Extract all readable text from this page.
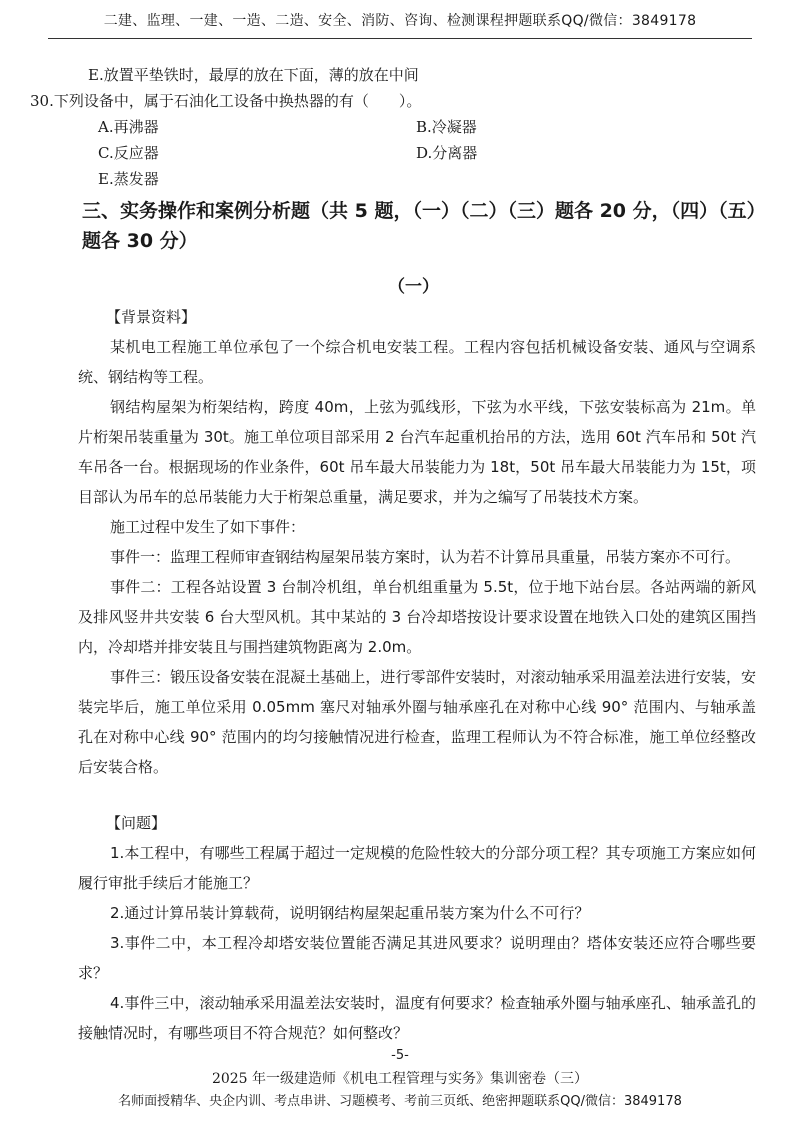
二建、监理、一建、一造、二造、安全、消防、咨询、检测课程押题联系QQ/微信：3849178
E.放置平垫铁时，最厚的放在下面，薄的放在中间
30.下列设备中，属于石油化工设备中换热器的有（　　）。
A.再沸器	B.冷凝器
C.反应器	D.分离器
E.蒸发器
三、实务操作和案例分析题（共 5 题，（一）（二）（三）题各 20 分，（四）（五）题各 30 分）
（一）

【背景资料】

某机电工程施工单位承包了一个综合机电安装工程。工程内容包括机械设备安装、通风与空调系统、钢结构等工程。

钢结构屋架为桁架结构，跨度 40m，上弦为弧线形，下弦为水平线，下弦安装标高为 21m。单片桁架吊装重量为 30t。施工单位项目部采用 2 台汽车起重机抬吊的方法，选用 60t 汽车吊和 50t 汽车吊各一台。根据现场的作业条件，60t 吊车最大吊装能力为 18t，50t 吊车最大吊装能力为 15t，项目部认为吊车的总吊装能力大于桁架总重量，满足要求，并为之编写了吊装技术方案。

施工过程中发生了如下事件：

事件一：监理工程师审查钢结构屋架吊装方案时，认为若不计算吊具重量，吊装方案亦不可行。

事件二：工程各站设置 3 台制冷机组，单台机组重量为 5.5t，位于地下站台层。各站两端的新风及排风竖井共安装 6 台大型风机。其中某站的 3 台冷却塔按设计要求设置在地铁入口处的建筑区围挡内，冷却塔并排安装且与围挡建筑物距离为 2.0m。

事件三：锻压设备安装在混凝土基础上，进行零部件安装时，对滚动轴承采用温差法进行安装，安装完毕后，施工单位采用 0.05mm 塞尺对轴承外圈与轴承座孔在对称中心线 90° 范围内、与轴承盖孔在对称中心线 90° 范围内的均匀接触情况进行检查，监理工程师认为不符合标准，施工单位经整改后安装合格。

【问题】

1.本工程中，有哪些工程属于超过一定规模的危险性较大的分部分项工程？其专项施工方案应如何履行审批手续后才能施工？

2.通过计算吊装计算载荷，说明钢结构屋架起重吊装方案为什么不可行？

3.事件二中，本工程冷却塔安装位置能否满足其进风要求？说明理由？塔体安装还应符合哪些要求？

4.事件三中，滚动轴承采用温差法安装时，温度有何要求？检查轴承外圈与轴承座孔、轴承盖孔的接触情况时，有哪些项目不符合规范？如何整改？

-5-
2025 年一级建造师《机电工程管理与实务》集训密卷（三）
名师面授精华、央企内训、考点串讲、习题模考、考前三页纸、绝密押题联系QQ/微信：3849178
